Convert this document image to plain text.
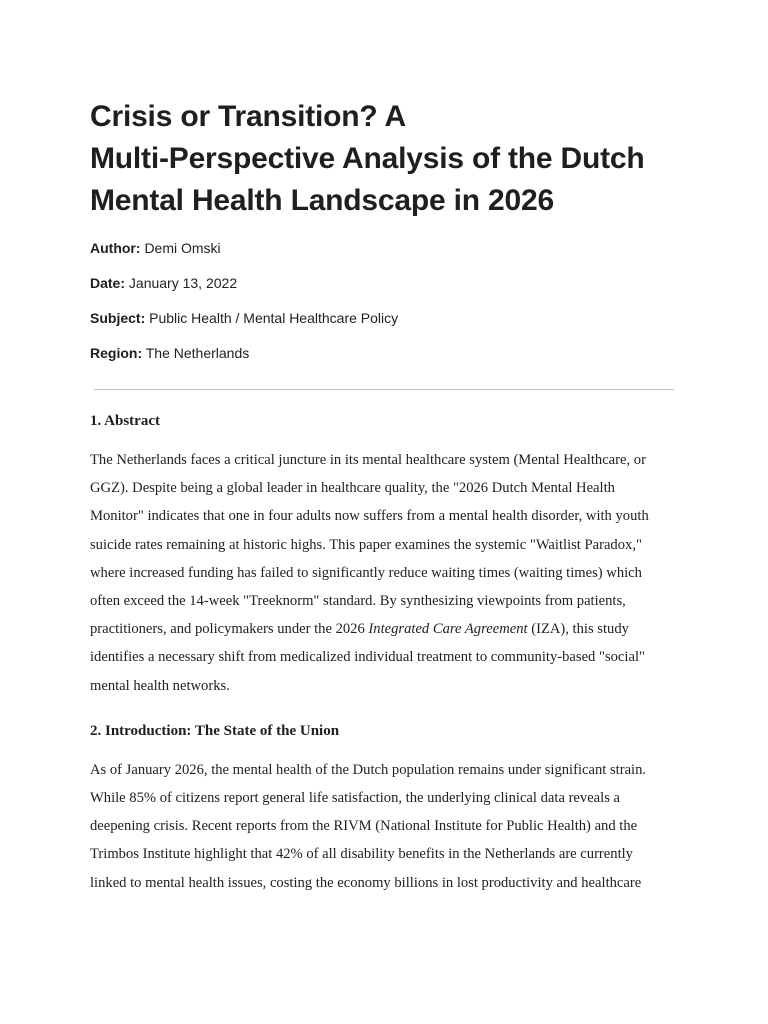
Crisis or Transition? A
Multi-Perspective Analysis of the Dutch
Mental Health Landscape in 2026

Author: Demi Omski

Date: January 13, 2022

Subject: Public Health / Mental Healthcare Policy

Region: The Netherlands

1. Abstract

The Netherlands faces a critical juncture in its mental healthcare system (Mental Healthcare, or
GGZ). Despite being a global leader in healthcare quality, the "2026 Dutch Mental Health
Monitor" indicates that one in four adults now suffers from a mental health disorder, with youth
suicide rates remaining at historic highs. This paper examines the systemic "Waitlist Paradox,"
where increased funding has failed to significantly reduce waiting times (waiting times) which
often exceed the 14-week "Treeknorm" standard. By synthesizing viewpoints from patients,
practitioners, and policymakers under the 2026 Integrated Care Agreement (IZA), this study
identifies a necessary shift from medicalized individual treatment to community-based "social"
mental health networks.

2. Introduction: The State of the Union

As of January 2026, the mental health of the Dutch population remains under significant strain.
While 85% of citizens report general life satisfaction, the underlying clinical data reveals a
deepening crisis. Recent reports from the RIVM (National Institute for Public Health) and the
Trimbos Institute highlight that 42% of all disability benefits in the Netherlands are currently
linked to mental health issues, costing the economy billions in lost productivity and healthcare
